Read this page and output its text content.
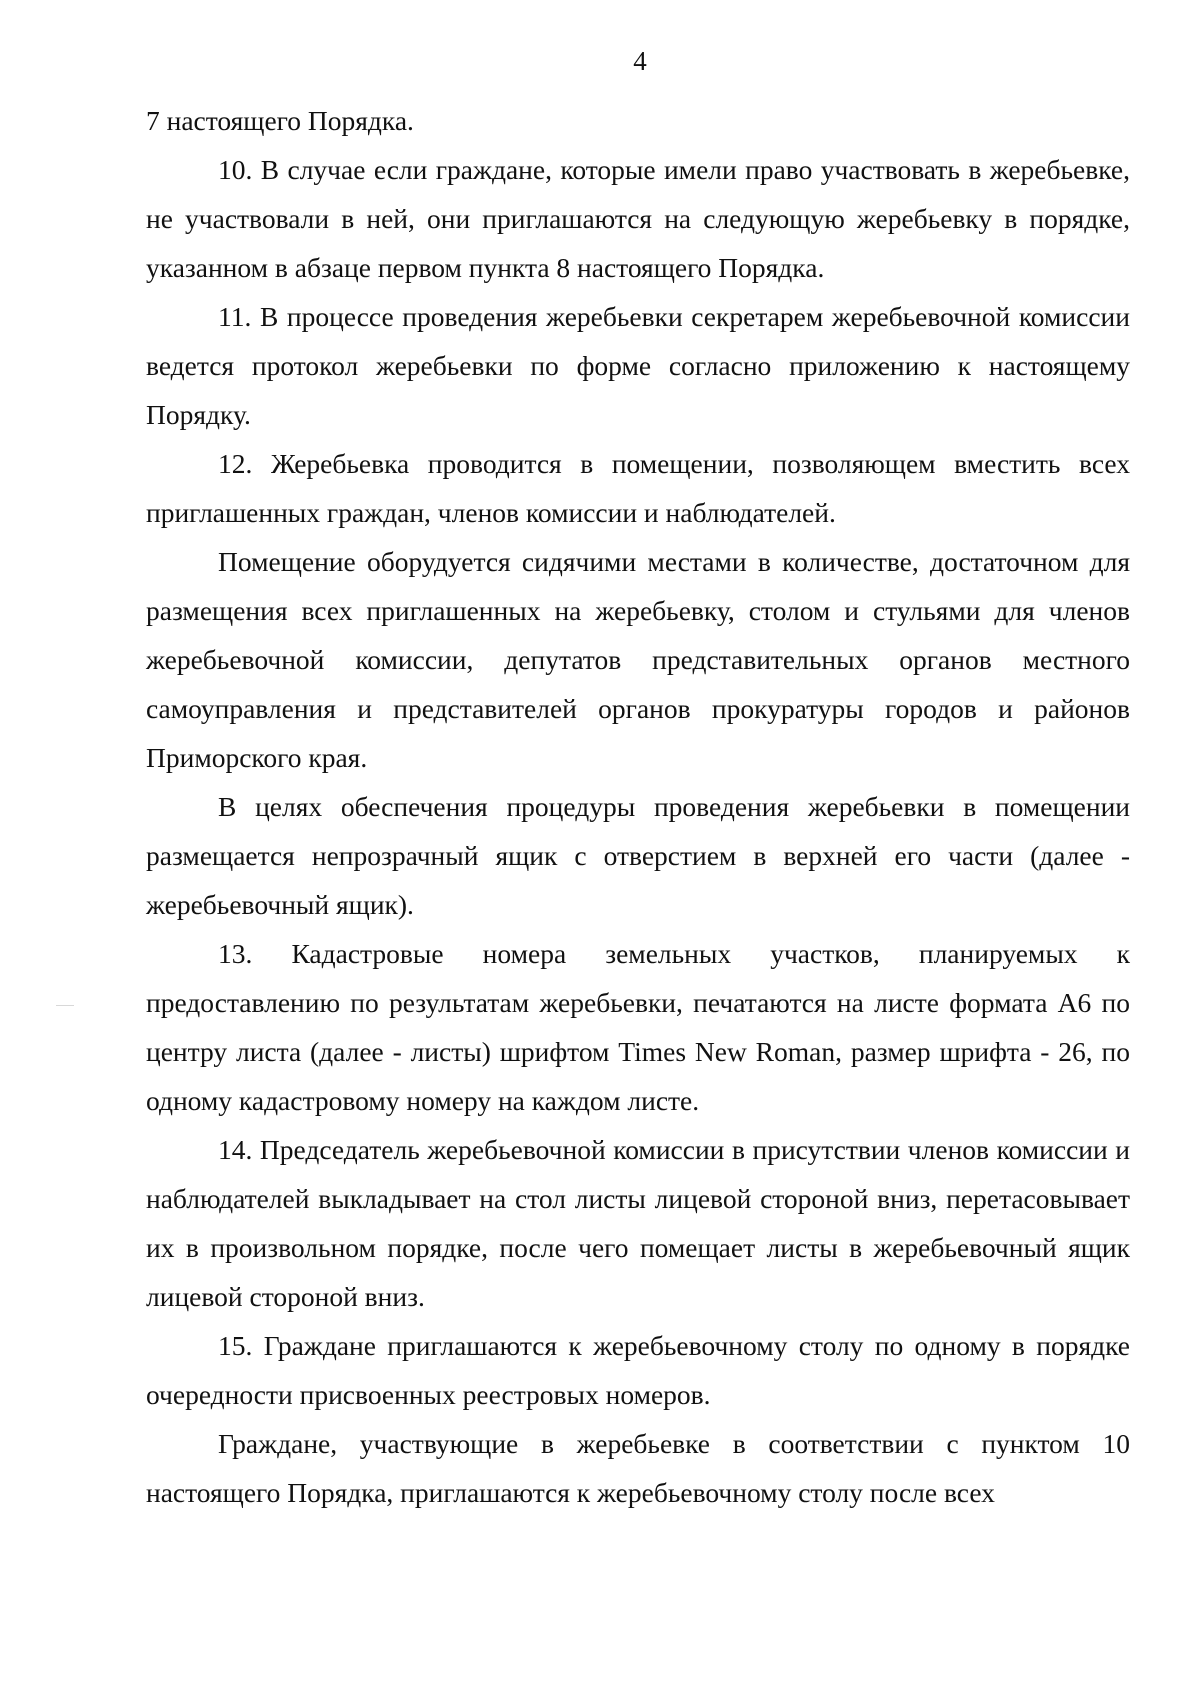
4

7 настоящего Порядка.

10. В случае если граждане, которые имели право участвовать в жеребьевке, не участвовали в ней, они приглашаются на следующую жеребьевку в порядке, указанном в абзаце первом пункта 8 настоящего Порядка.

11. В процессе проведения жеребьевки секретарем жеребьевочной комиссии ведется протокол жеребьевки по форме согласно приложению к настоящему Порядку.

12. Жеребьевка проводится в помещении, позволяющем вместить всех приглашенных граждан, членов комиссии и наблюдателей.

Помещение оборудуется сидячими местами в количестве, достаточном для размещения всех приглашенных на жеребьевку, столом и стульями для членов жеребьевочной комиссии, депутатов представительных органов местного самоуправления и представителей органов прокуратуры городов и районов Приморского края.

В целях обеспечения процедуры проведения жеребьевки в помещении размещается непрозрачный ящик с отверстием в верхней его части (далее - жеребьевочный ящик).

13. Кадастровые номера земельных участков, планируемых к предоставлению по результатам жеребьевки, печатаются на листе формата А6 по центру листа (далее - листы) шрифтом Times New Roman, размер шрифта - 26, по одному кадастровому номеру на каждом листе.

14. Председатель жеребьевочной комиссии в присутствии членов комиссии и наблюдателей выкладывает на стол листы лицевой стороной вниз, перетасовывает их в произвольном порядке, после чего помещает листы в жеребьевочный ящик лицевой стороной вниз.

15. Граждане приглашаются к жеребьевочному столу по одному в порядке очередности присвоенных реестровых номеров.

Граждане, участвующие в жеребьевке в соответствии с пунктом 10 настоящего Порядка, приглашаются к жеребьевочному столу после всех
